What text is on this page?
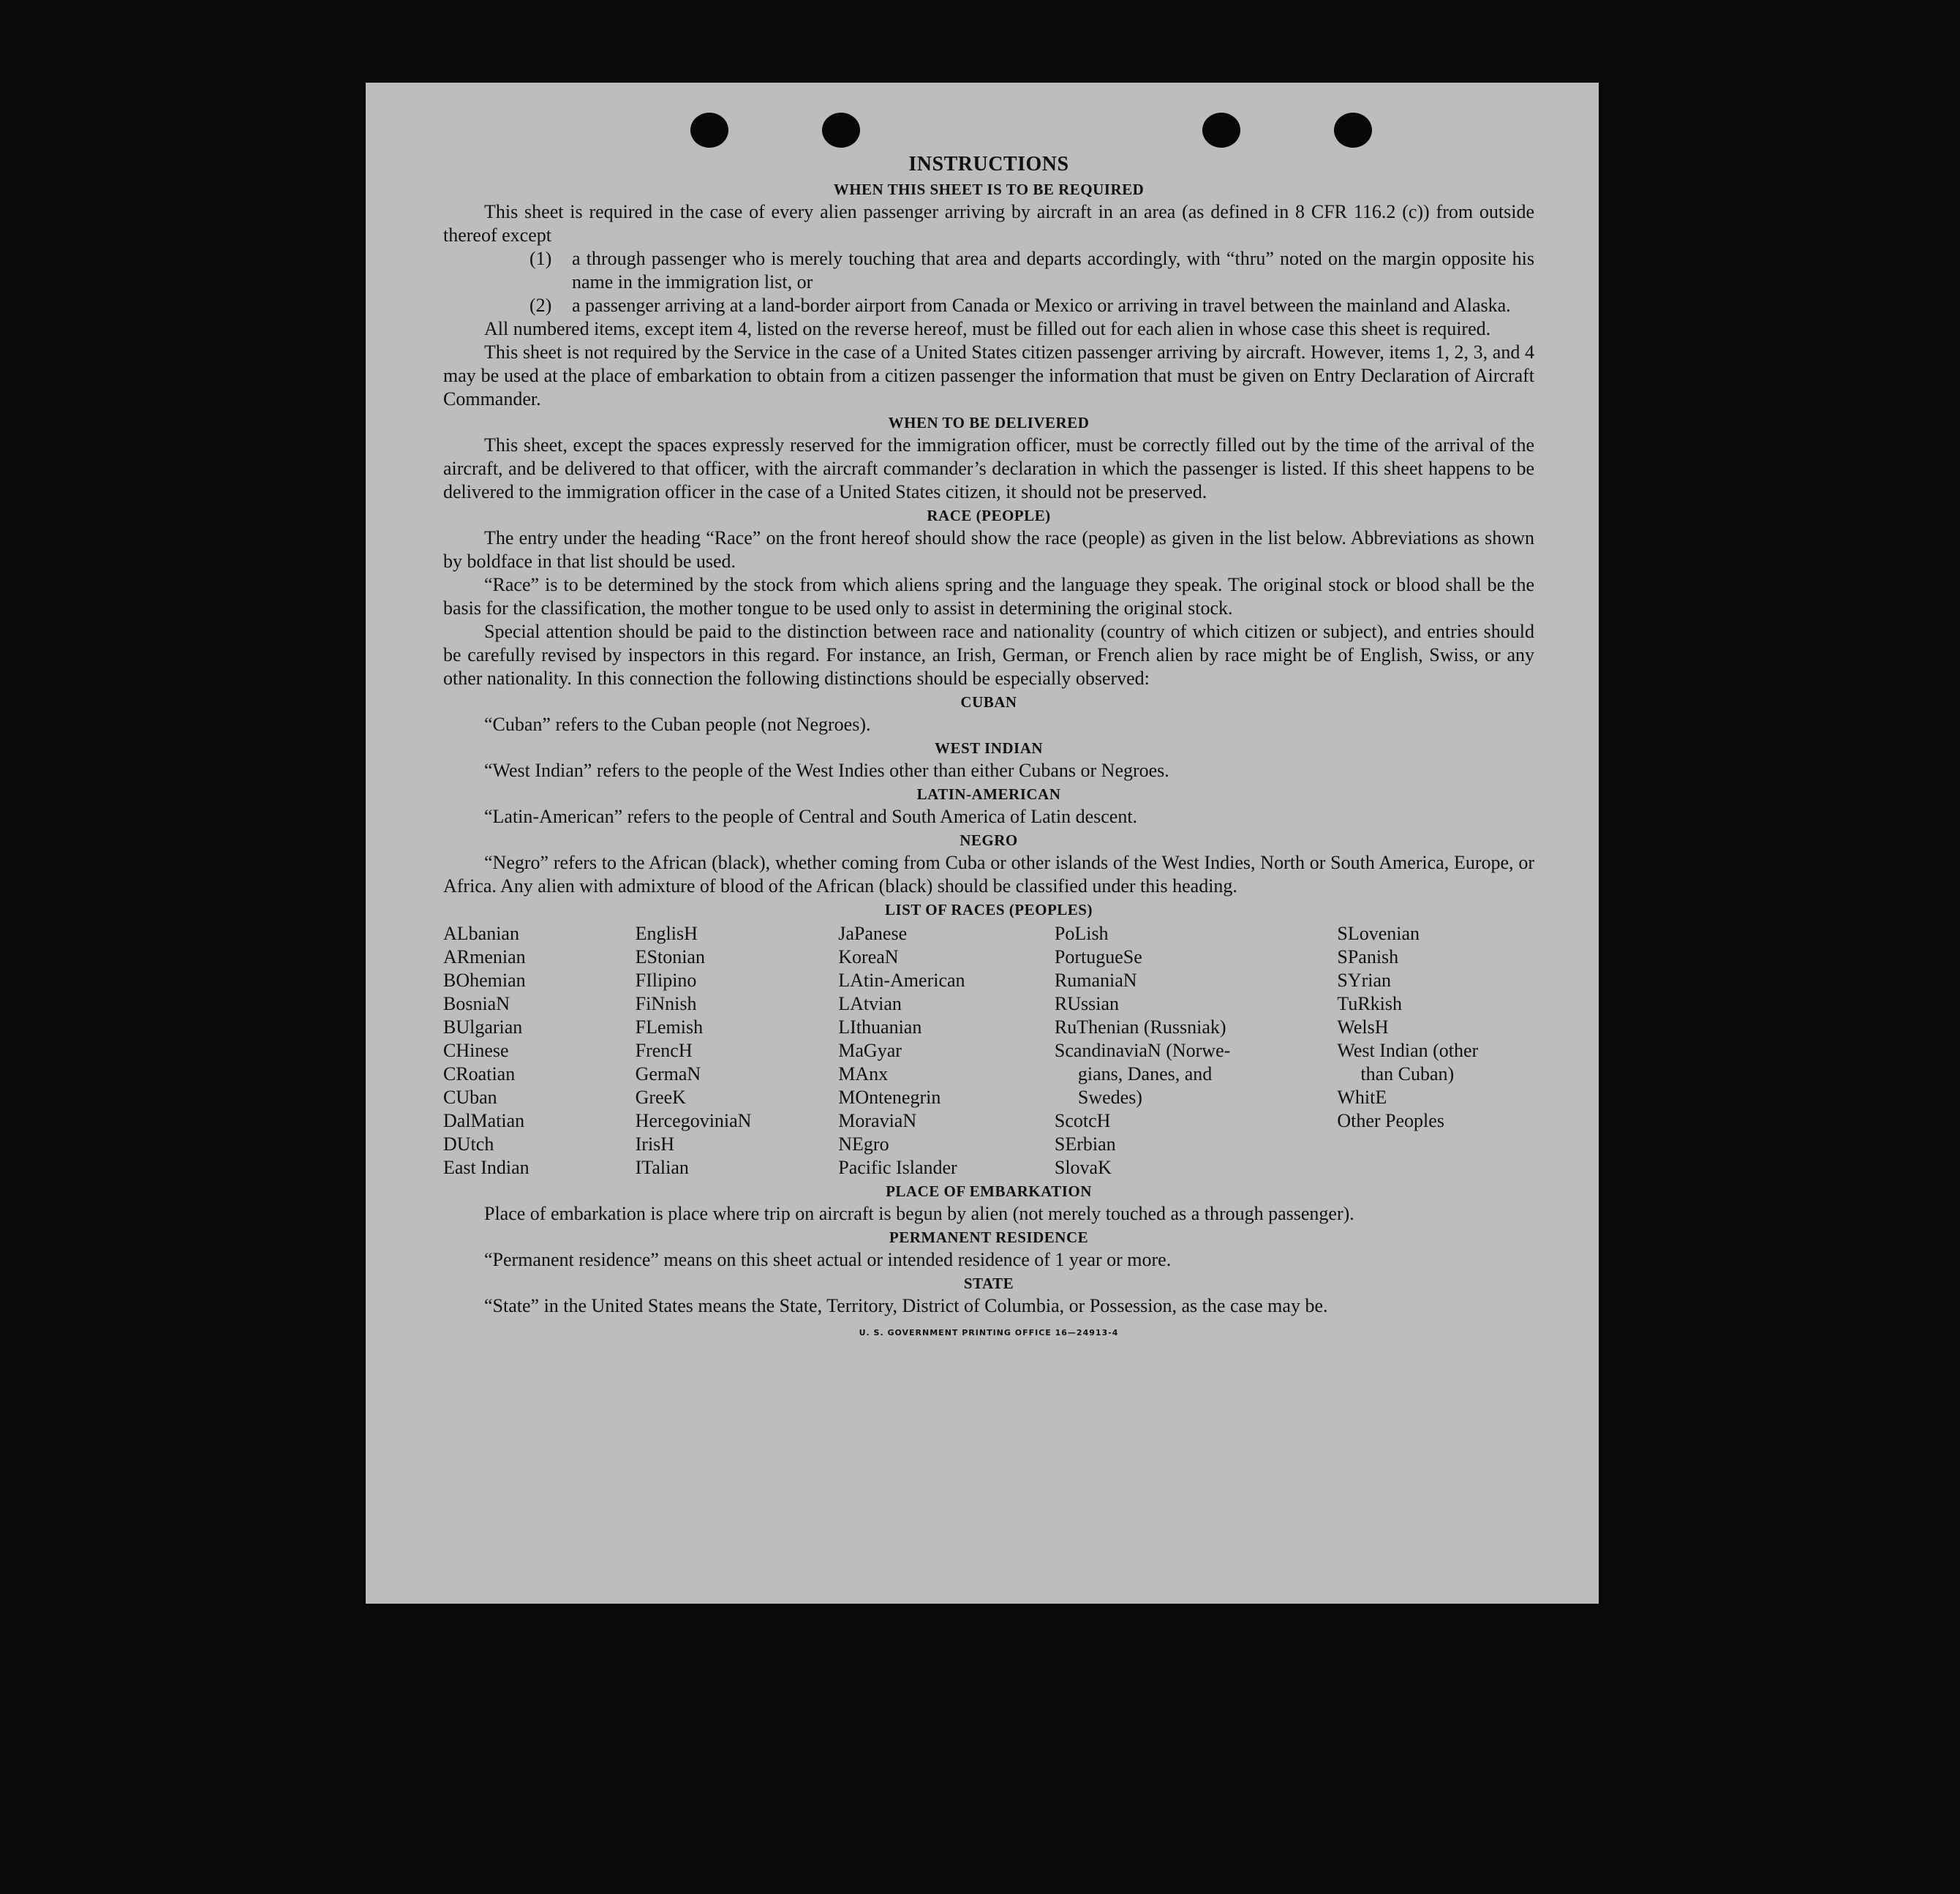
INSTRUCTIONS
WHEN THIS SHEET IS TO BE REQUIRED

This sheet is required in the case of every alien passenger arriving by aircraft in an area (as defined in 8 CFR 116.2 (c)) from outside thereof except

(1) a through passenger who is merely touching that area and departs accordingly, with “thru” noted on the margin opposite his name in the immigration list, or
(2) a passenger arriving at a land-border airport from Canada or Mexico or arriving in travel between the mainland and Alaska.

All numbered items, except item 4, listed on the reverse hereof, must be filled out for each alien in whose case this sheet is required.

This sheet is not required by the Service in the case of a United States citizen passenger arriving by aircraft. However, items 1, 2, 3, and 4 may be used at the place of embarkation to obtain from a citizen passenger the information that must be given on Entry Declaration of Aircraft Commander.

WHEN TO BE DELIVERED

This sheet, except the spaces expressly reserved for the immigration officer, must be correctly filled out by the time of the arrival of the aircraft, and be delivered to that officer, with the aircraft commander’s declaration in which the passenger is listed. If this sheet happens to be delivered to the immigration officer in the case of a United States citizen, it should not be preserved.

RACE (PEOPLE)

The entry under the heading “Race” on the front hereof should show the race (people) as given in the list below. Abbreviations as shown by boldface in that list should be used.

“Race” is to be determined by the stock from which aliens spring and the language they speak. The original stock or blood shall be the basis for the classification, the mother tongue to be used only to assist in determining the original stock.

Special attention should be paid to the distinction between race and nationality (country of which citizen or subject), and entries should be carefully revised by inspectors in this regard. For instance, an Irish, German, or French alien by race might be of English, Swiss, or any other nationality. In this connection the following distinctions should be especially observed:

CUBAN

“Cuban” refers to the Cuban people (not Negroes).

WEST INDIAN

“West Indian” refers to the people of the West Indies other than either Cubans or Negroes.

LATIN-AMERICAN

“Latin-American” refers to the people of Central and South America of Latin descent.

NEGRO

“Negro” refers to the African (black), whether coming from Cuba or other islands of the West Indies, North or South America, Europe, or Africa. Any alien with admixture of blood of the African (black) should be classified under this heading.

LIST OF RACES (PEOPLES)
ALbanian
ARmenian
BOhemian
BosniaN
BUlgarian
CHinese
CRoatian
CUban
DalMatian
DUtch
East Indian
EnglisH
EStonian
FIlipino
FiNnish
FLemish
FrencH
GermaN
GreeK
HercegoviniaN
IrisH
ITalian
JaPanese
KoreaN
LAtin-American
LAtvian
LIthuanian
MaGyar
MAnx
MOntenegrin
MoraviaN
NEgro
Pacific Islander
PoLish
PortugueSe
RumaniaN
RUssian
RuThenian (Russniak)
ScandinaviaN (Norwe-
gians, Danes, and
Swedes)
ScotcH
SErbian
SlovaK
SLovenian
SPanish
SYrian
TuRkish
WelsH
West Indian (other
than Cuban)
WhitE
Other Peoples
PLACE OF EMBARKATION

Place of embarkation is place where trip on aircraft is begun by alien (not merely touched as a through passenger).

PERMANENT RESIDENCE

“Permanent residence” means on this sheet actual or intended residence of 1 year or more.

STATE

“State” in the United States means the State, Territory, District of Columbia, or Possession, as the case may be.

U. S. GOVERNMENT PRINTING OFFICE 16—24913-4
